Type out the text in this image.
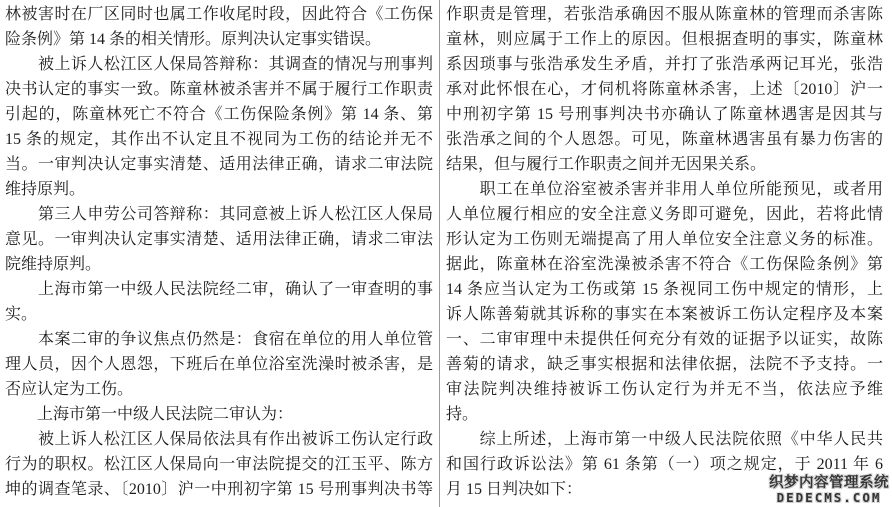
林被害时在厂区同时也属工作收尾时段，因此符合《工伤保
险条例》第 14 条的相关情形。原判决认定事实错误。
　　被上诉人松江区人保局答辩称：其调查的情况与刑事判
决书认定的事实一致。陈童林被杀害并不属于履行工作职责
引起的，陈童林死亡不符合《工伤保险条例》第 14 条、第
15 条的规定，其作出不认定且不视同为工伤的结论并无不
当。一审判决认定事实清楚、适用法律正确，请求二审法院
维持原判。
　　第三人申劳公司答辩称：其同意被上诉人松江区人保局
意见。一审判决认定事实清楚、适用法律正确，请求二审法
院维持原判。
　　上海市第一中级人民法院经二审，确认了一审查明的事
实。
　　本案二审的争议焦点仍然是：食宿在单位的用人单位管
理人员，因个人恩怨，下班后在单位浴室洗澡时被杀害，是
否应认定为工伤。
　　上海市第一中级人民法院二审认为：
　　被上诉人松江区人保局依法具有作出被诉工伤认定行政
行为的职权。松江区人保局向一审法院提交的江玉平、陈方
坤的调查笔录、〔2010〕沪一中刑初字第 15 号刑事判决书等
作职责是管理，若张浩承确因不服从陈童林的管理而杀害陈
童林，则应属于工作上的原因。但根据查明的事实，陈童林
系因琐事与张浩承发生矛盾，并打了张浩承两记耳光，张浩
承对此怀恨在心，才伺机将陈童林杀害，上述〔2010〕沪一
中刑初字第 15 号刑事判决书亦确认了陈童林遇害是因其与
张浩承之间的个人恩怨。可见，陈童林遇害虽有暴力伤害的
结果，但与履行工作职责之间并无因果关系。
　　职工在单位浴室被杀害并非用人单位所能预见，或者用
人单位履行相应的安全注意义务即可避免，因此，若将此情
形认定为工伤则无端提高了用人单位安全注意义务的标准。
据此，陈童林在浴室洗澡被杀害不符合《工伤保险条例》第
14 条应当认定为工伤或第 15 条视同工伤中规定的情形，上
诉人陈善菊就其诉称的事实在本案被诉工伤认定程序及本案
一、二审审理中未提供任何充分有效的证据予以证实，故陈
善菊的请求，缺乏事实根据和法律依据，法院不予支持。一
审法院判决维持被诉工伤认定行为并无不当，依法应予维
持。
　　综上所述，上海市第一中级人民法院依照《中华人民共
和国行政诉讼法》第 61 条第（一）项之规定，于 2011 年 6
月 15 日判决如下：	织梦内容管理系统
DEDECMS.COM
